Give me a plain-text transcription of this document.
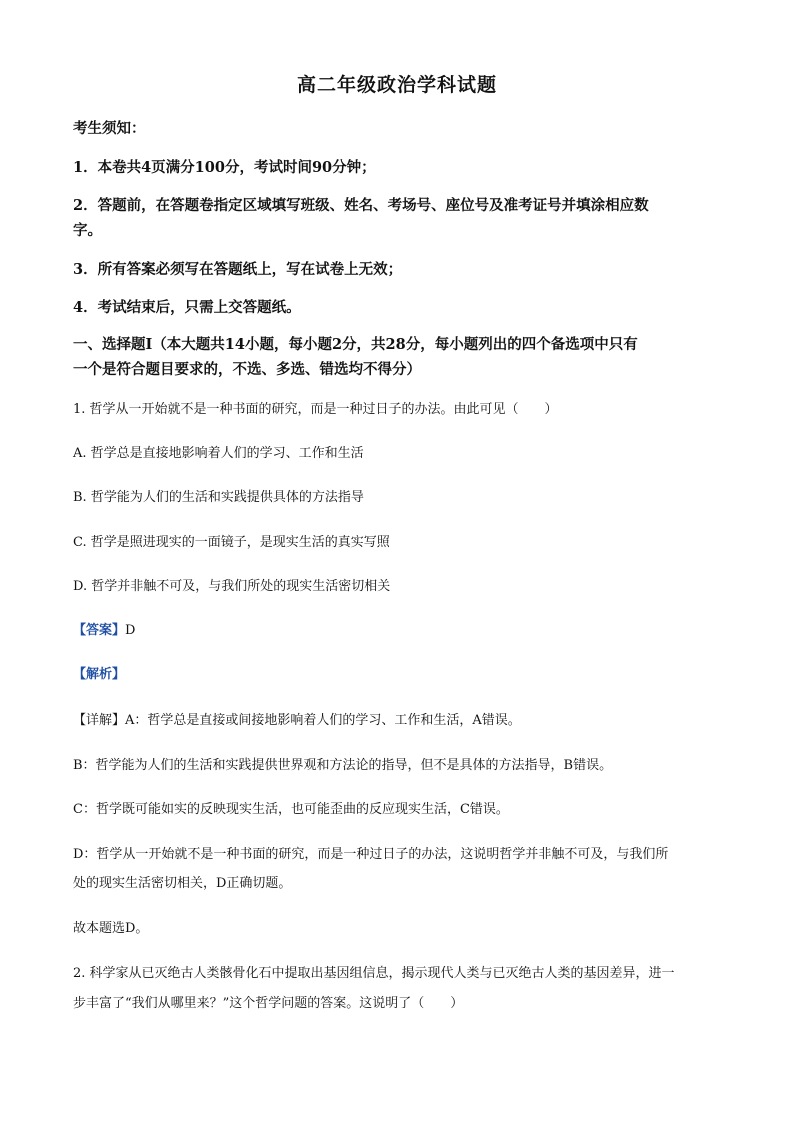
高二年级政治学科试题
考生须知：
1．本卷共4页满分100分，考试时间90分钟；
2．答题前，在答题卷指定区域填写班级、姓名、考场号、座位号及准考证号并填涂相应数
字。
3．所有答案必须写在答题纸上，写在试卷上无效；
4．考试结束后，只需上交答题纸。
一、选择题Ⅰ（本大题共14小题，每小题2分，共28分，每小题列出的四个备选项中只有
一个是符合题目要求的，不选、多选、错选均不得分）
1. 哲学从一开始就不是一种书面的研究，而是一种过日子的办法。由此可见（　　）
A. 哲学总是直接地影响着人们的学习、工作和生活
B. 哲学能为人们的生活和实践提供具体的方法指导
C. 哲学是照进现实的一面镜子，是现实生活的真实写照
D. 哲学并非触不可及，与我们所处的现实生活密切相关
【答案】D
【解析】
【详解】A：哲学总是直接或间接地影响着人们的学习、工作和生活，A错误。
B：哲学能为人们的生活和实践提供世界观和方法论的指导，但不是具体的方法指导，B错误。
C：哲学既可能如实的反映现实生活，也可能歪曲的反应现实生活，C错误。
D：哲学从一开始就不是一种书面的研究，而是一种过日子的办法，这说明哲学并非触不可及，与我们所
处的现实生活密切相关，D正确切题。
故本题选D。
2. 科学家从已灭绝古人类骸骨化石中提取出基因组信息，揭示现代人类与已灭绝古人类的基因差异，进一
步丰富了“我们从哪里来？”这个哲学问题的答案。这说明了（　　）
